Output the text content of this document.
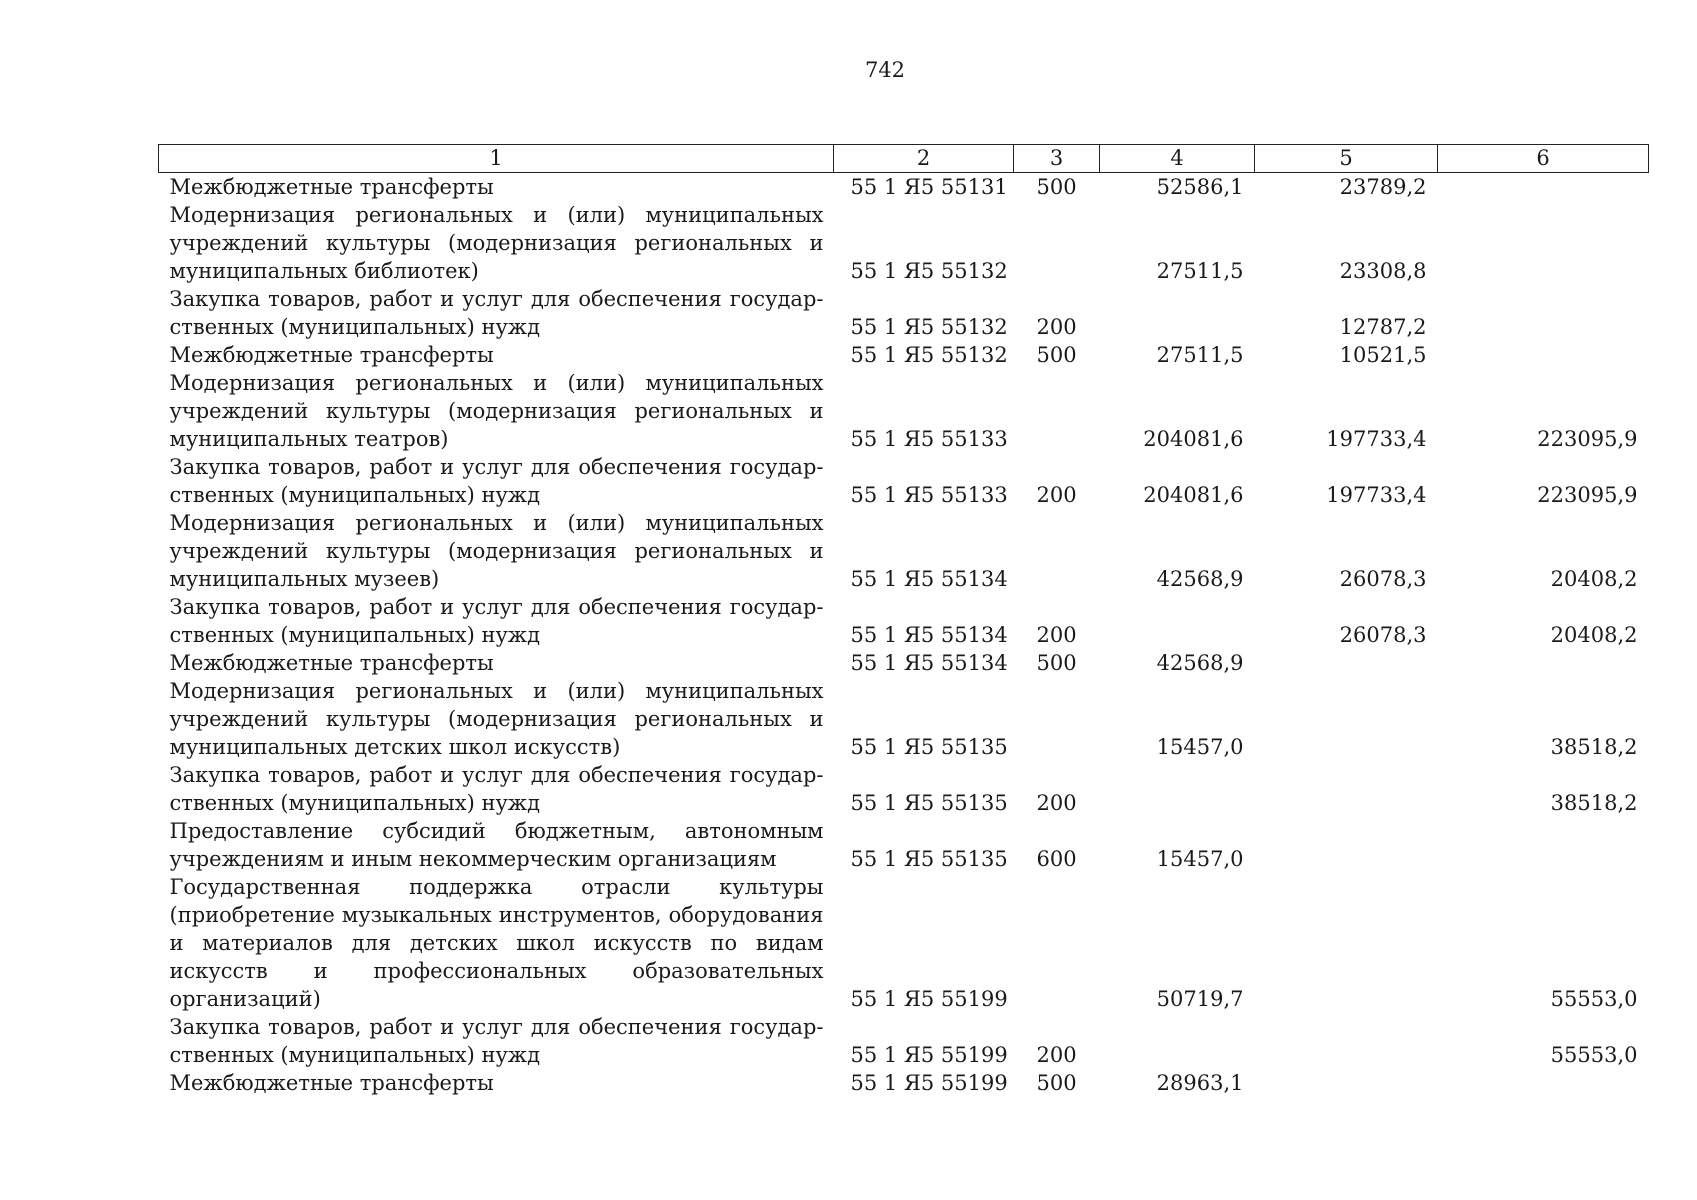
742
1	2	3	4	5	6
Межбюджетные трансферты	55 1 Я5 55131	500	52586,1	23789,2	
Модернизация региональных и (или) муниципальных учреждений культуры (модернизация региональных и муниципальных библиотек)	55 1 Я5 55132		27511,5	23308,8	
Закупка товаров, работ и услуг для обеспечения государственных (муниципальных) нужд	55 1 Я5 55132	200		12787,2	
Межбюджетные трансферты	55 1 Я5 55132	500	27511,5	10521,5	
Модернизация региональных и (или) муниципальных учреждений культуры (модернизация региональных и муниципальных театров)	55 1 Я5 55133		204081,6	197733,4	223095,9
Закупка товаров, работ и услуг для обеспечения государственных (муниципальных) нужд	55 1 Я5 55133	200	204081,6	197733,4	223095,9
Модернизация региональных и (или) муниципальных учреждений культуры (модернизация региональных и муниципальных музеев)	55 1 Я5 55134		42568,9	26078,3	20408,2
Закупка товаров, работ и услуг для обеспечения государственных (муниципальных) нужд	55 1 Я5 55134	200		26078,3	20408,2
Межбюджетные трансферты	55 1 Я5 55134	500	42568,9		
Модернизация региональных и (или) муниципальных учреждений культуры (модернизация региональных и муниципальных детских школ искусств)	55 1 Я5 55135		15457,0		38518,2
Закупка товаров, работ и услуг для обеспечения государственных (муниципальных) нужд	55 1 Я5 55135	200			38518,2
Предоставление субсидий бюджетным, автономным учреждениям и иным некоммерческим организациям	55 1 Я5 55135	600	15457,0		
Государственная поддержка отрасли культуры (приобретение музыкальных инструментов, оборудования и материалов для детских школ искусств по видам искусств и профессиональных образовательных организаций)	55 1 Я5 55199		50719,7		55553,0
Закупка товаров, работ и услуг для обеспечения государственных (муниципальных) нужд	55 1 Я5 55199	200			55553,0
Межбюджетные трансферты	55 1 Я5 55199	500	28963,1		
